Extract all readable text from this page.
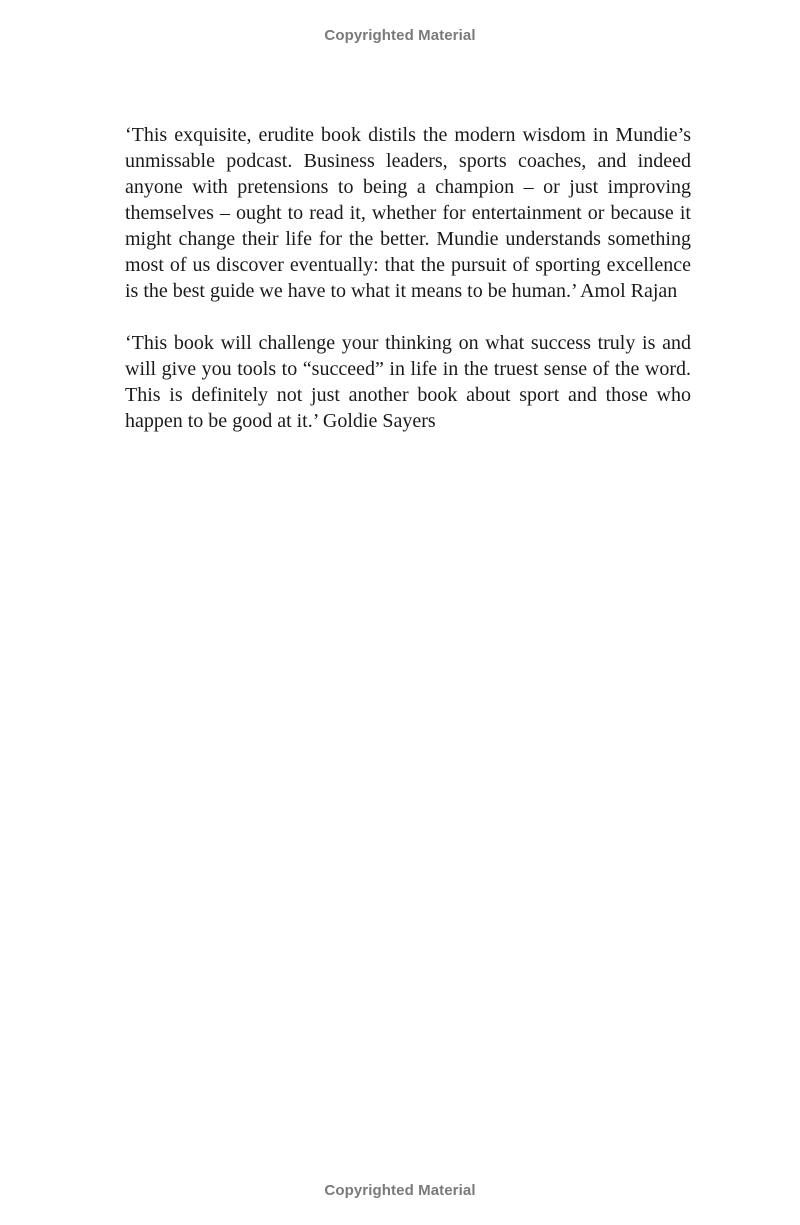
Copyrighted Material

‘This exquisite, erudite book distils the modern wisdom in Mundie’s unmissable podcast. Business leaders, sports coaches, and indeed anyone with pretensions to being a champion – or just improving themselves – ought to read it, whether for entertainment or because it might change their life for the better. Mundie understands something most of us discover eventually: that the pursuit of sporting excellence is the best guide we have to what it means to be human.’ Amol Rajan

‘This book will challenge your thinking on what success truly is and will give you tools to “succeed” in life in the truest sense of the word. This is definitely not just another book about sport and those who happen to be good at it.’ Goldie Sayers

Copyrighted Material
